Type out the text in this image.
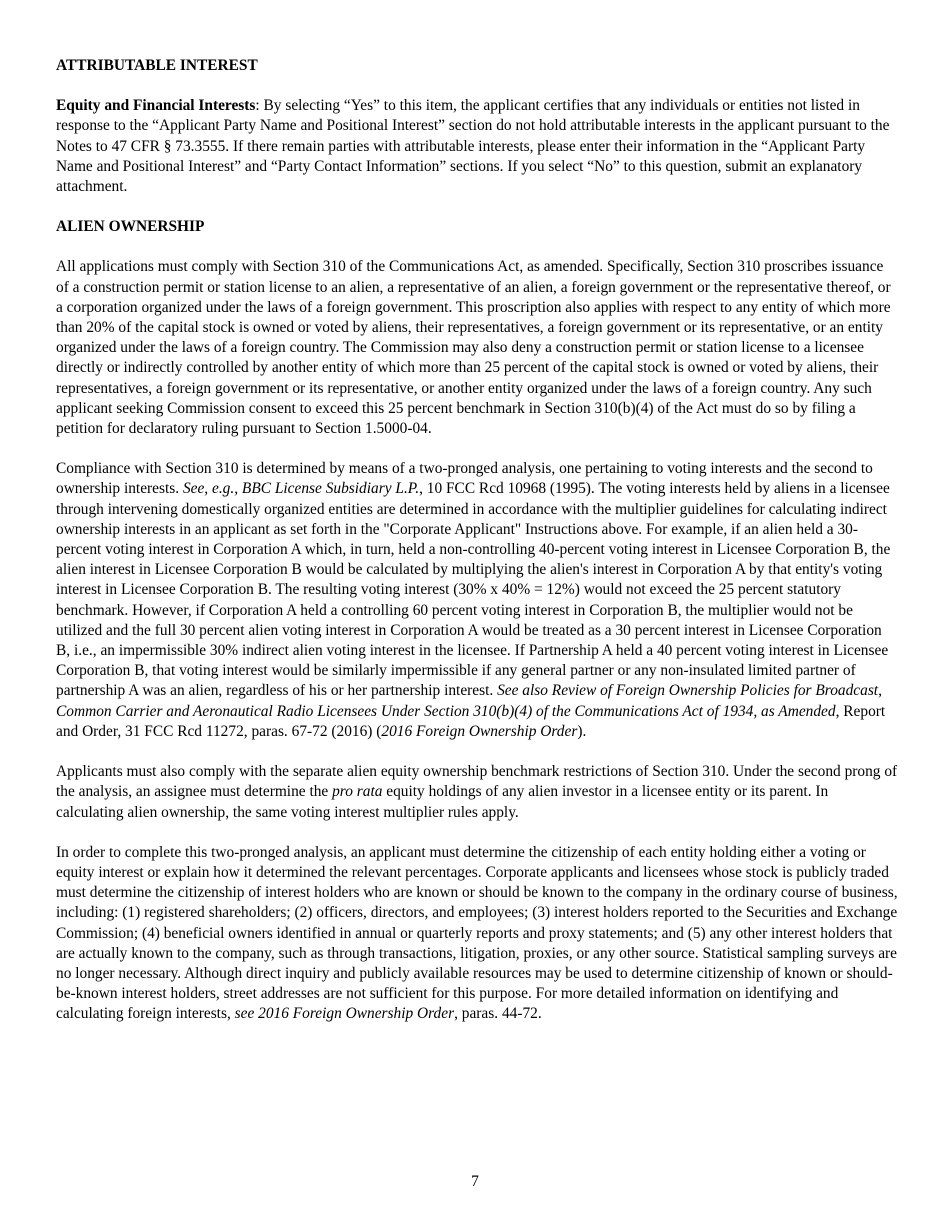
ATTRIBUTABLE INTEREST

Equity and Financial Interests: By selecting “Yes” to this item, the applicant certifies that any individuals or entities not listed in response to the “Applicant Party Name and Positional Interest” section do not hold attributable interests in the applicant pursuant to the Notes to 47 CFR § 73.3555. If there remain parties with attributable interests, please enter their information in the “Applicant Party Name and Positional Interest” and “Party Contact Information” sections. If you select “No” to this question, submit an explanatory attachment.

ALIEN OWNERSHIP

All applications must comply with Section 310 of the Communications Act, as amended. Specifically, Section 310 proscribes issuance of a construction permit or station license to an alien, a representative of an alien, a foreign government or the representative thereof, or a corporation organized under the laws of a foreign government. This proscription also applies with respect to any entity of which more than 20% of the capital stock is owned or voted by aliens, their representatives, a foreign government or its representative, or an entity organized under the laws of a foreign country. The Commission may also deny a construction permit or station license to a licensee directly or indirectly controlled by another entity of which more than 25 percent of the capital stock is owned or voted by aliens, their representatives, a foreign government or its representative, or another entity organized under the laws of a foreign country. Any such applicant seeking Commission consent to exceed this 25 percent benchmark in Section 310(b)(4) of the Act must do so by filing a petition for declaratory ruling pursuant to Section 1.5000-04.

Compliance with Section 310 is determined by means of a two-pronged analysis, one pertaining to voting interests and the second to ownership interests. See, e.g., BBC License Subsidiary L.P., 10 FCC Rcd 10968 (1995). The voting interests held by aliens in a licensee through intervening domestically organized entities are determined in accordance with the multiplier guidelines for calculating indirect ownership interests in an applicant as set forth in the "Corporate Applicant" Instructions above. For example, if an alien held a 30-percent voting interest in Corporation A which, in turn, held a non-controlling 40-percent voting interest in Licensee Corporation B, the alien interest in Licensee Corporation B would be calculated by multiplying the alien's interest in Corporation A by that entity's voting interest in Licensee Corporation B. The resulting voting interest (30% x 40% = 12%) would not exceed the 25 percent statutory benchmark. However, if Corporation A held a controlling 60 percent voting interest in Corporation B, the multiplier would not be utilized and the full 30 percent alien voting interest in Corporation A would be treated as a 30 percent interest in Licensee Corporation B, i.e., an impermissible 30% indirect alien voting interest in the licensee. If Partnership A held a 40 percent voting interest in Licensee Corporation B, that voting interest would be similarly impermissible if any general partner or any non-insulated limited partner of partnership A was an alien, regardless of his or her partnership interest. See also Review of Foreign Ownership Policies for Broadcast, Common Carrier and Aeronautical Radio Licensees Under Section 310(b)(4) of the Communications Act of 1934, as Amended, Report and Order, 31 FCC Rcd 11272, paras. 67-72 (2016) (2016 Foreign Ownership Order).

Applicants must also comply with the separate alien equity ownership benchmark restrictions of Section 310. Under the second prong of the analysis, an assignee must determine the pro rata equity holdings of any alien investor in a licensee entity or its parent. In calculating alien ownership, the same voting interest multiplier rules apply.

In order to complete this two-pronged analysis, an applicant must determine the citizenship of each entity holding either a voting or equity interest or explain how it determined the relevant percentages. Corporate applicants and licensees whose stock is publicly traded must determine the citizenship of interest holders who are known or should be known to the company in the ordinary course of business, including: (1) registered shareholders; (2) officers, directors, and employees; (3) interest holders reported to the Securities and Exchange Commission; (4) beneficial owners identified in annual or quarterly reports and proxy statements; and (5) any other interest holders that are actually known to the company, such as through transactions, litigation, proxies, or any other source. Statistical sampling surveys are no longer necessary. Although direct inquiry and publicly available resources may be used to determine citizenship of known or should-be-known interest holders, street addresses are not sufficient for this purpose. For more detailed information on identifying and calculating foreign interests, see 2016 Foreign Ownership Order, paras. 44-72.

7
